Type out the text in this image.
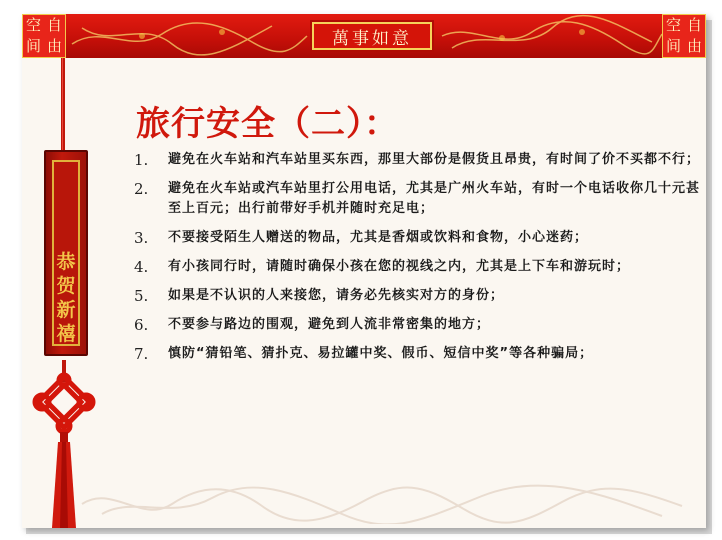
空 自
间 由	萬事如意
空 自
间 由
恭
贺
新
禧
旅行安全（二）：
1.	避免在火车站和汽车站里买东西，那里大部份是假货且昂贵，有时间了价不买都不行；
2.	避免在火车站或汽车站里打公用电话，尤其是广州火车站，有时一个电话收你几十元甚至上百元；出行前带好手机并随时充足电；
3.	不要接受陌生人赠送的物品，尤其是香烟或饮料和食物，小心迷药；
4.	有小孩同行时，请随时确保小孩在您的视线之内，尤其是上下车和游玩时；
5.	如果是不认识的人来接您，请务必先核实对方的身份；
6.	不要参与路边的围观，避免到人流非常密集的地方；
7.	慎防“猜铅笔、猜扑克、易拉罐中奖、假币、短信中奖”等各种骗局；
